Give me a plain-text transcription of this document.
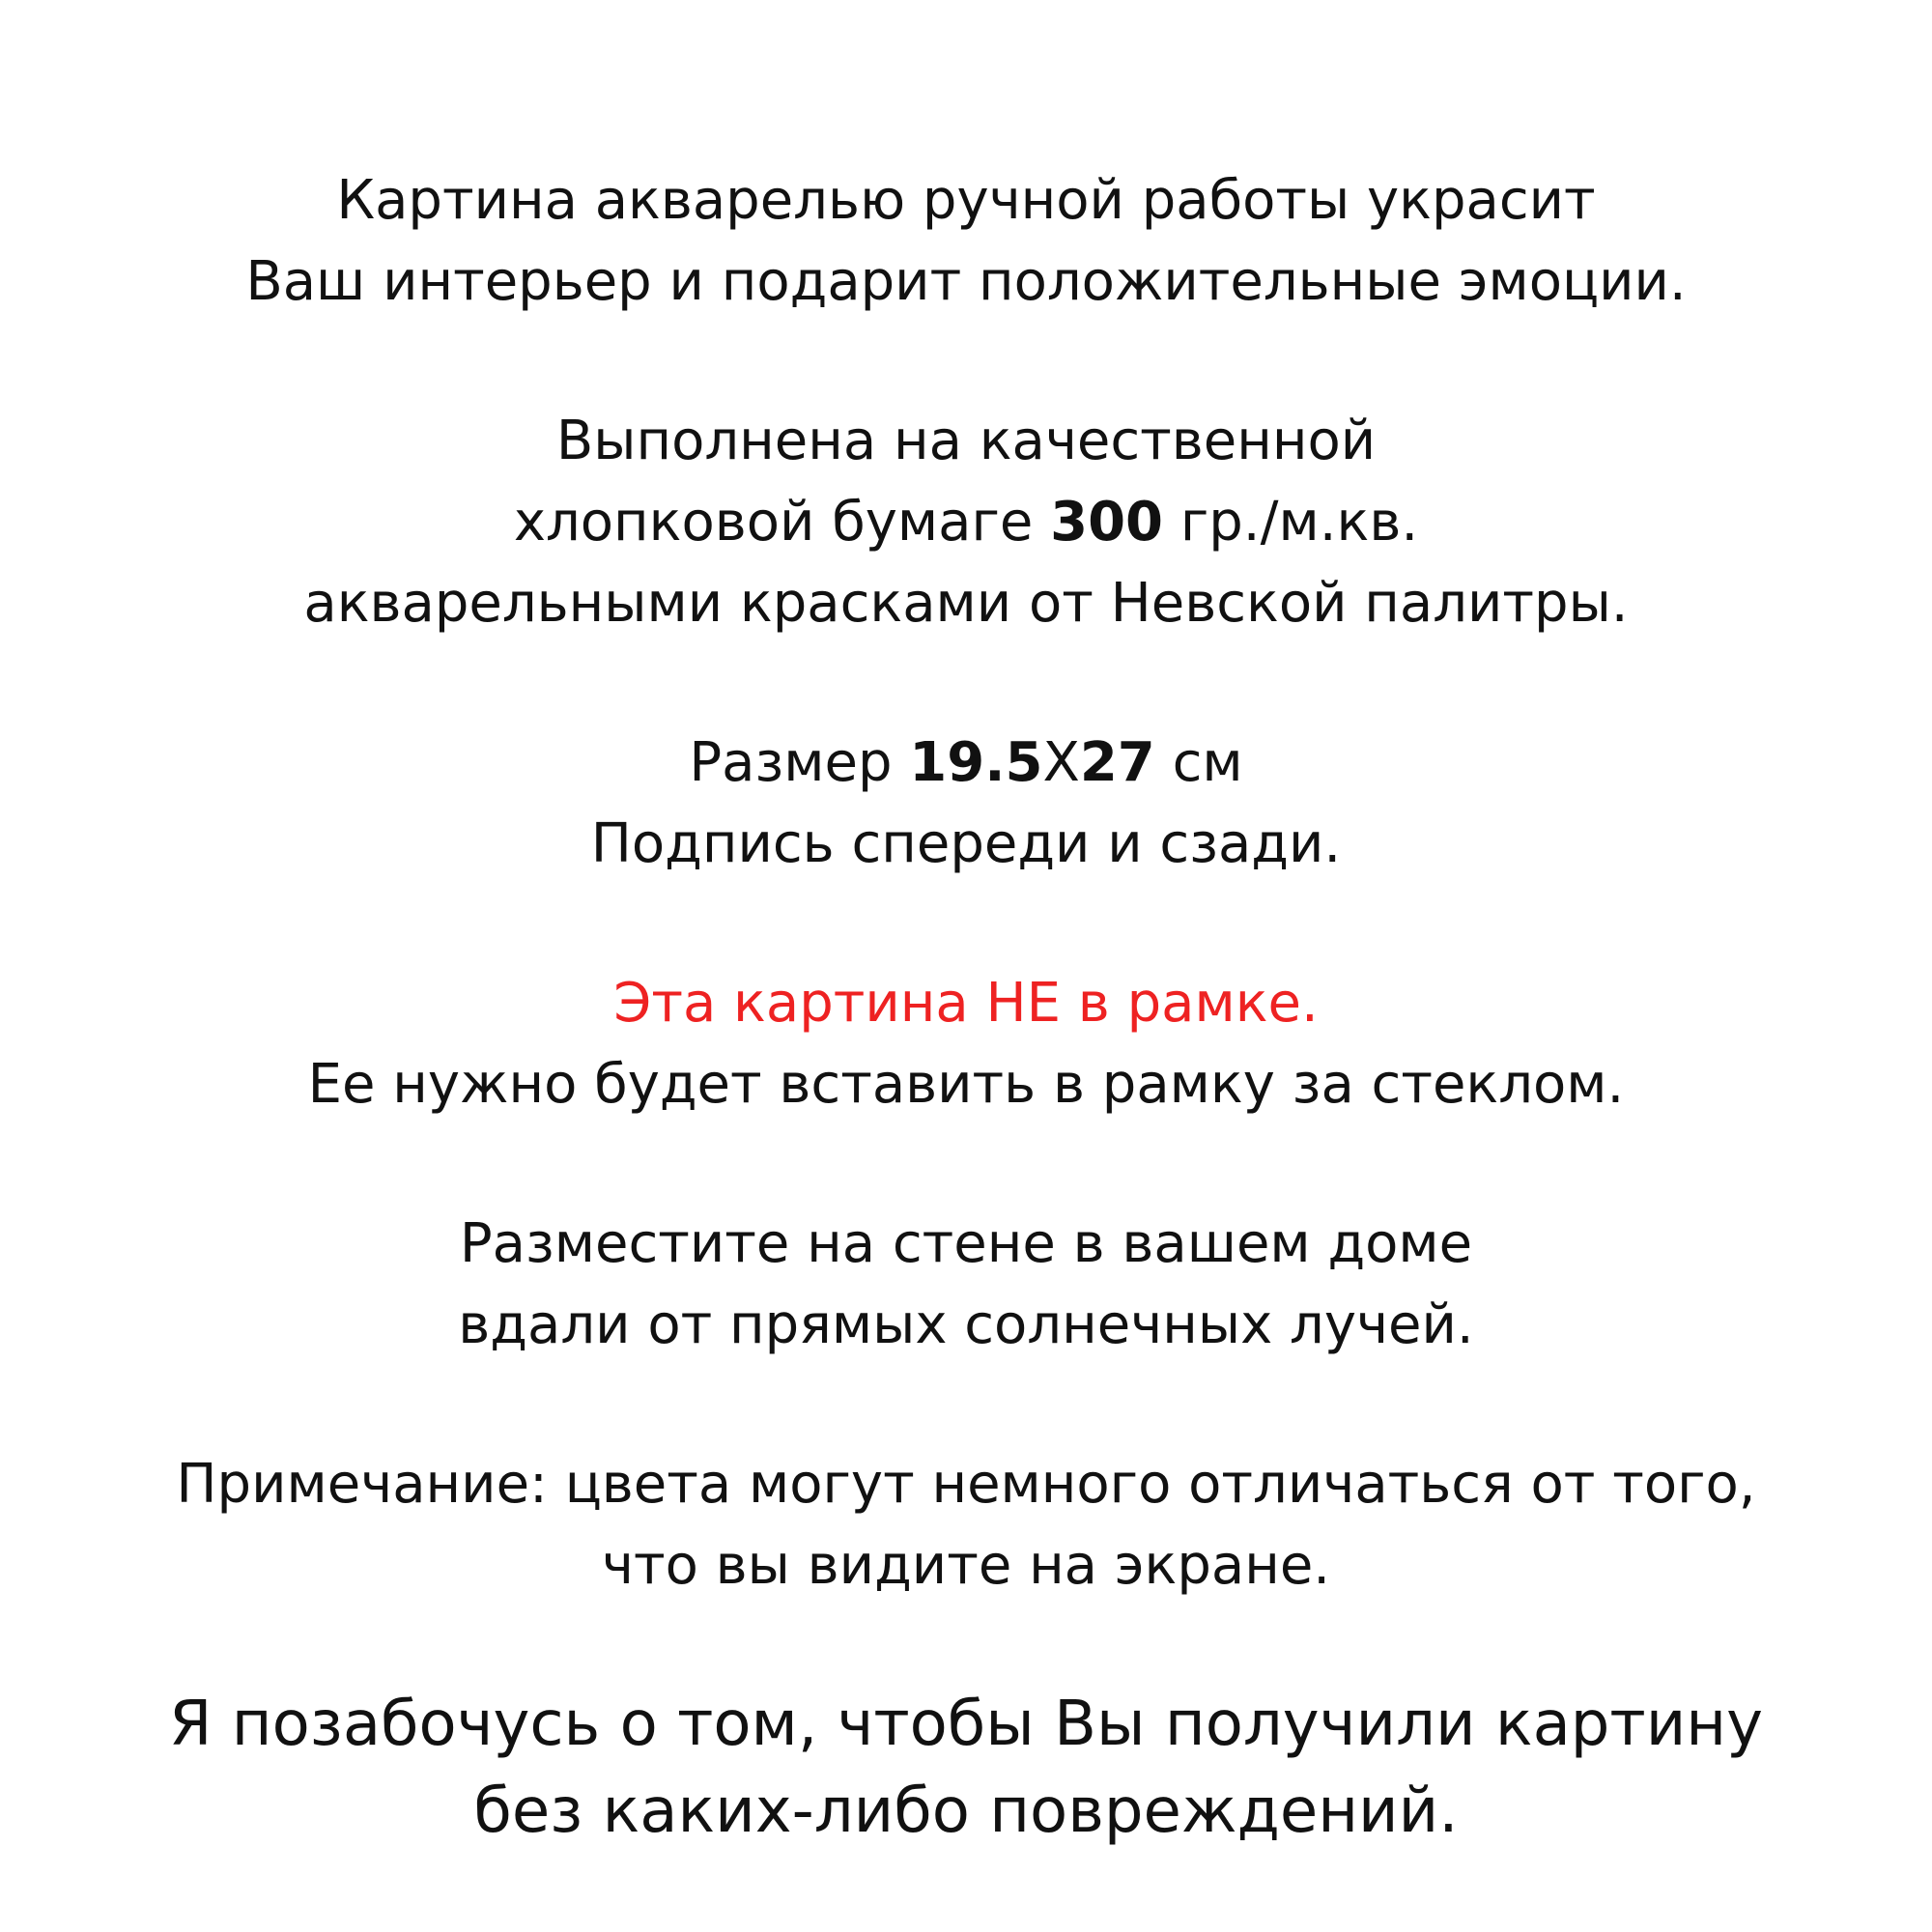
Картина акварелью ручной работы украсит
Ваш интерьер и подарит положительные эмоции.
Выполнена на качественной
хлопковой бумаге 300 гр./м.кв.
акварельными красками от Невской палитры.
Размер 19.5X27 см
Подпись спереди и сзади.
Эта картина НЕ в рамке.
Ее нужно будет вставить в рамку за стеклом.
Разместите на стене в вашем доме
вдали от прямых солнечных лучей.
Примечание: цвета могут немного отличаться от того,
что вы видите на экране.
Я позабочусь о том, чтобы Вы получили картину
без каких-либо повреждений.
